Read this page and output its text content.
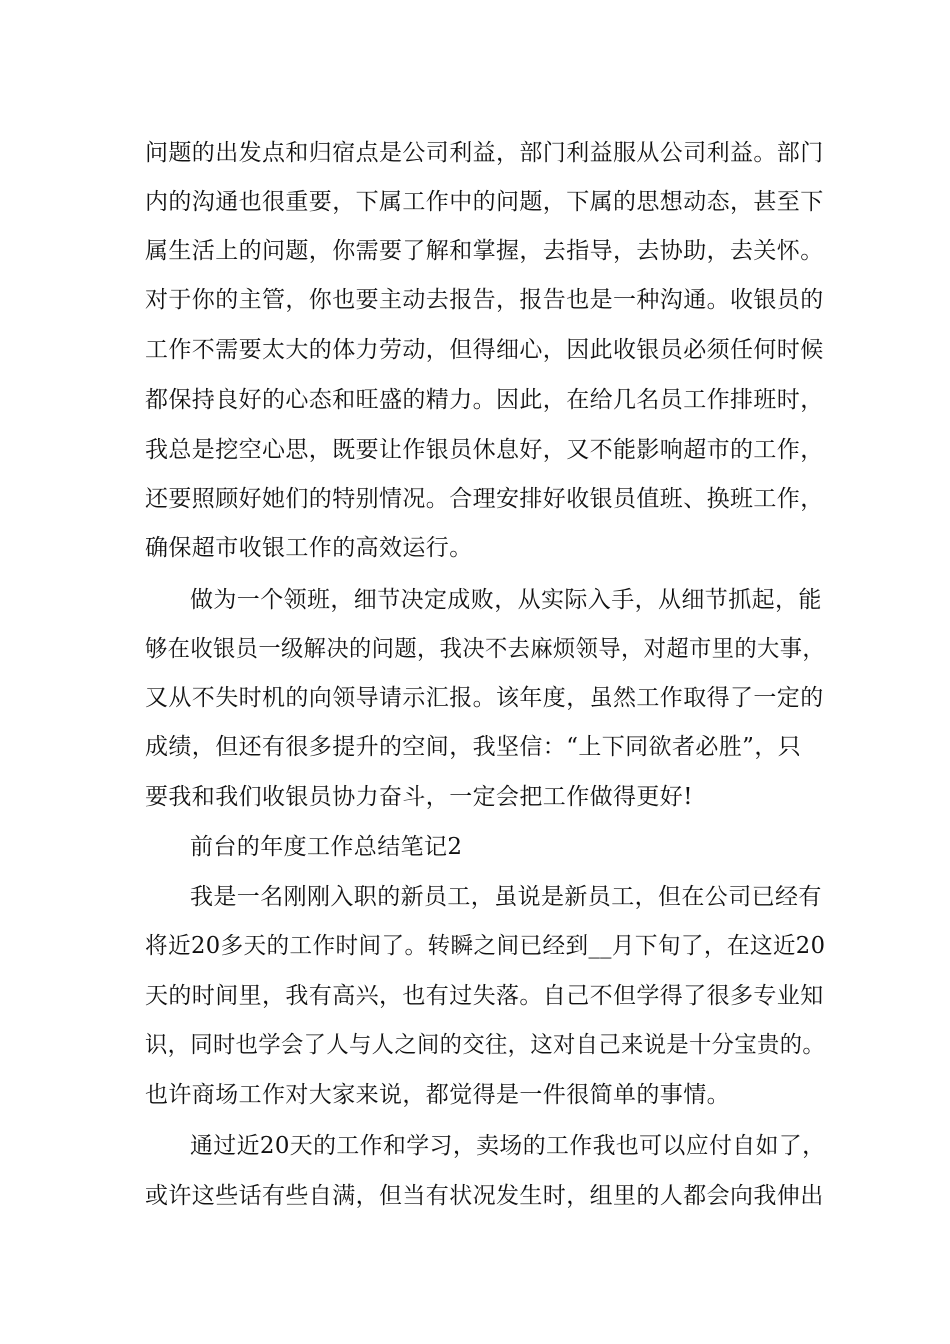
问题的出发点和归宿点是公司利益，部门利益服从公司利益。部门
内的沟通也很重要，下属工作中的问题，下属的思想动态，甚至下
属生活上的问题，你需要了解和掌握，去指导，去协助，去关怀。
对于你的主管，你也要主动去报告，报告也是一种沟通。收银员的
工作不需要太大的体力劳动，但得细心，因此收银员必须任何时候
都保持良好的心态和旺盛的精力。因此，在给几名员工作排班时，
我总是挖空心思，既要让作银员休息好，又不能影响超市的工作，
还要照顾好她们的特别情况。合理安排好收银员值班、换班工作，
确保超市收银工作的高效运行。
做为一个领班，细节决定成败，从实际入手，从细节抓起，能
够在收银员一级解决的问题，我决不去麻烦领导，对超市里的大事，
又从不失时机的向领导请示汇报。该年度，虽然工作取得了一定的
成绩，但还有很多提升的空间，我坚信：“上下同欲者必胜”，只
要我和我们收银员协力奋斗，一定会把工作做得更好!
前台的年度工作总结笔记2
我是一名刚刚入职的新员工，虽说是新员工，但在公司已经有
将近20多天的工作时间了。转瞬之间已经到__月下旬了，在这近20
天的时间里，我有高兴，也有过失落。自己不但学得了很多专业知
识，同时也学会了人与人之间的交往，这对自己来说是十分宝贵的。
也许商场工作对大家来说，都觉得是一件很简单的事情。
通过近20天的工作和学习，卖场的工作我也可以应付自如了，
或许这些话有些自满，但当有状况发生时，组里的人都会向我伸出
